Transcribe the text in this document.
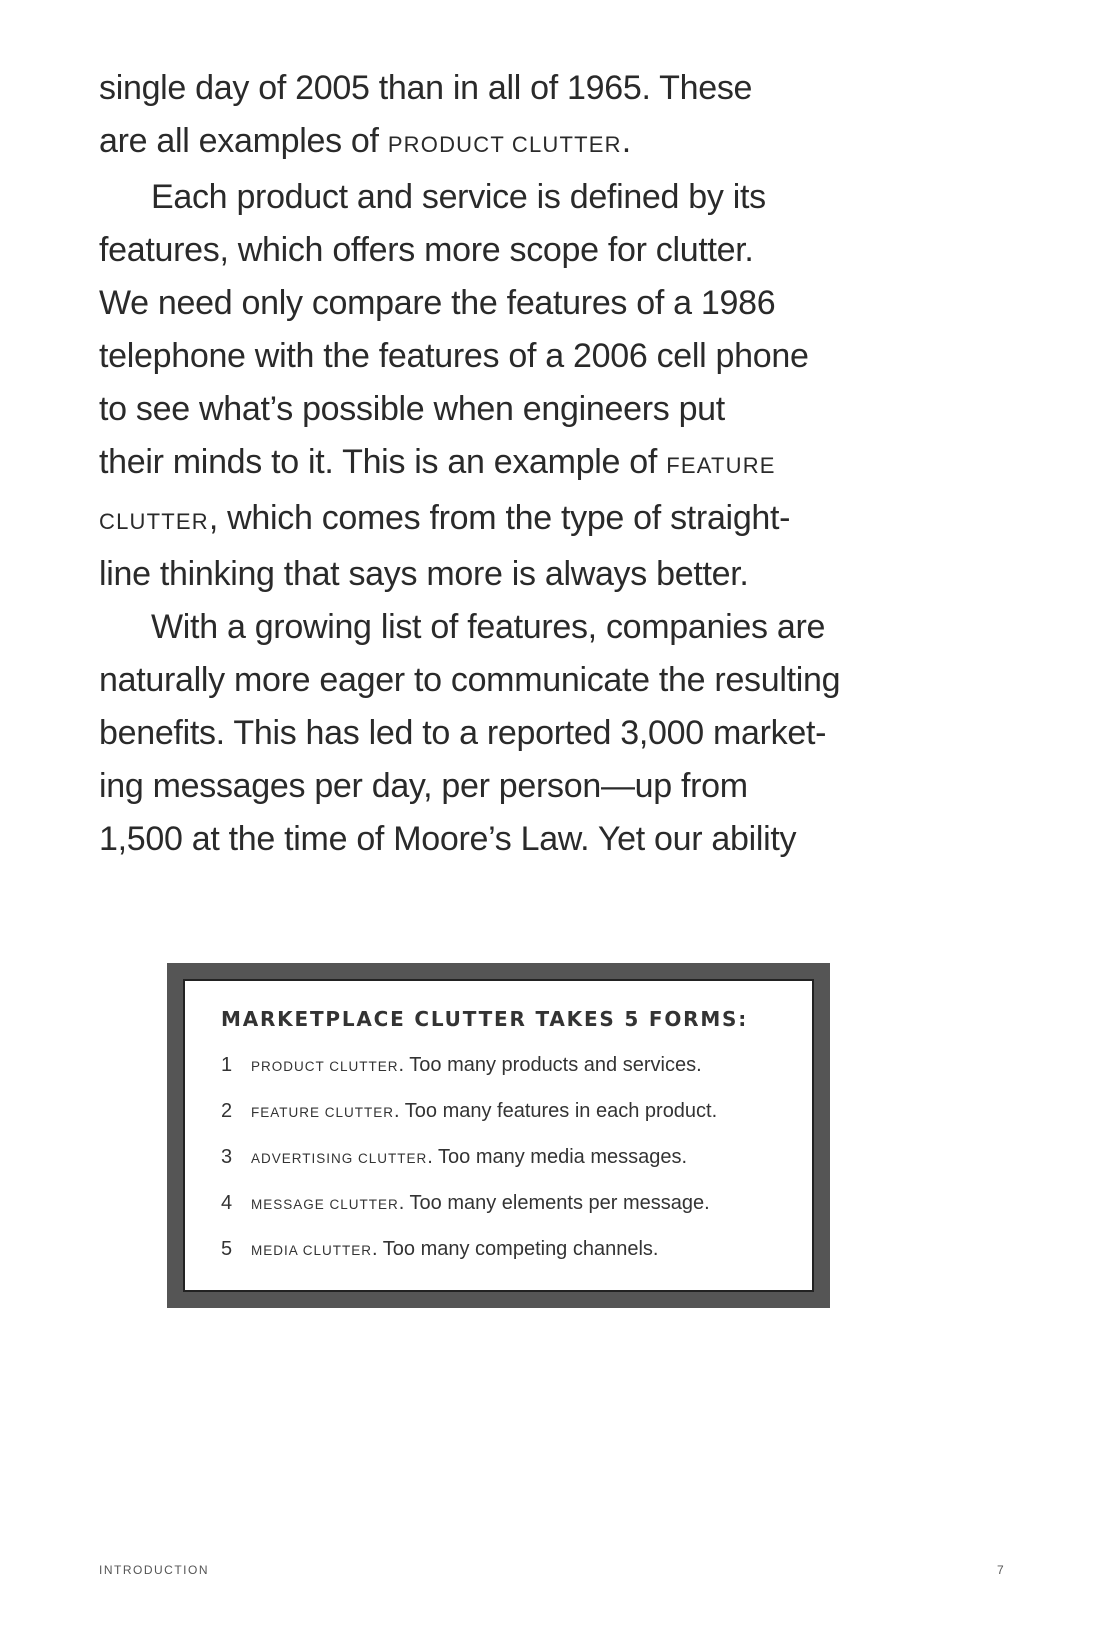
single day of 2005 than in all of 1965. These
are all examples of PRODUCT CLUTTER.
Each product and service is defined by its
features, which offers more scope for clutter.
We need only compare the features of a 1986
telephone with the features of a 2006 cell phone
to see what’s possible when engineers put
their minds to it. This is an example of FEATURE
CLUTTER, which comes from the type of straight-
line thinking that says more is always better.
With a growing list of features, companies are
naturally more eager to communicate the resulting
benefits. This has led to a reported 3,000 market-
ing messages per day, per person—up from
1,500 at the time of Moore’s Law. Yet our ability
MARKETPLACE CLUTTER TAKES 5 FORMS:
1 PRODUCT CLUTTER. Too many products and services.
2 FEATURE CLUTTER. Too many features in each product.
3 ADVERTISING CLUTTER. Too many media messages.
4 MESSAGE CLUTTER. Too many elements per message.
5 MEDIA CLUTTER. Too many competing channels.
INTRODUCTION	7
